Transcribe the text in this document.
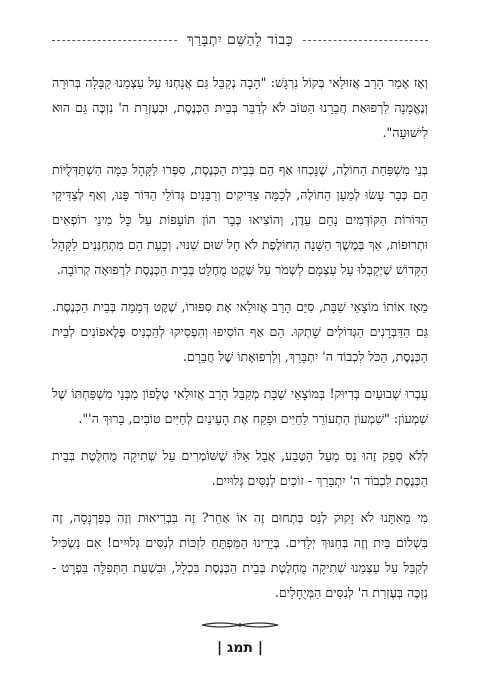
כָּבוֹד לַהַשֵּׁם יִתְבָּרַךְ

וְאָז אָמַר הָרַב אֲזוּלַאי בְּקוֹל נִרְגָּשׁ: "הָבָה נְקַבֵּל גַּם אֲנַחְנוּ עַל עַצְמֵנוּ קַבָּלָה בְּרוּרָה וְנֶאֱמָנָה לִרְפוּאַת חֲבֵרֵנוּ הַטּוֹב לֹא לְדַבֵּר בְּבֵית הַכְּנֶסֶת, וּבְעֶזְרַת ה' נִזְכֶּה גַּם הוּא לִישׁוּעָה".

בְּנֵי מִשְׁפַּחַת הַחוֹלֶה, שֶׁנָּכְחוּ אַף הֵם בְּבֵית הַכְּנֶסֶת, סִפְּרוּ לַקָּהָל כַּמָּה הִשְׁתַּדְּלֻיּוֹת הֵם כְּבָר עָשׂוּ לְמַעַן הַחוֹלֶה, לְכַמָּה צַדִּיקִים וְרַבָּנִים גְּדוֹלֵי הַדּוֹר פָּנוּ, וְאַף לְצַדִּיקֵי הַדּוֹרוֹת הַקּוֹדְמִים נָחַם עֵדֶן, וְהוֹצִיאוּ כְּבָר הוֹן תּוֹעָפוֹת עַל כָּל מִינֵי רוֹפְאִים וּתְרוּפוֹת, אַךְ בְּמֶשֶׁךְ הַשָּׁנָה הַחוֹלֶפֶת לֹא חָל שׁוּם שִׁנּוּי. וְכָעֵת הֵם מִתְחַנְּנִים לַקָּהָל הַקָּדוֹשׁ שֶׁיְּקַבְּלוּ עַל עַצְמָם לִשְׁמֹר עַל שֶׁקֶט מֻחְלָט בְּבֵית הַכְּנֶסֶת לִרְפוּאָה קְרוֹבָה.

מֵאָז אוֹתוֹ מוֹצָאֵי שַׁבָּת, סִיֵּם הָרַב אֲזוּלַאי אֶת סִפּוּרוֹ, שֶׁקֶט דְּמָמָה בְּבֵית הַכְּנֶסֶת. גַּם הַדַּבְּרָנִים הַגְּדוֹלִים שָׁתְקוּ. הֵם אַף הוֹסִיפוּ וְהִפְסִיקוּ לְהַכְנִיס פֶּלֶאפוֹנִים לְבֵית הַכְּנֶסֶת, הַכֹּל לִכְבוֹד ה' יִתְבָּרַךְ, וְלִרְפוּאָתוֹ שֶׁל חֲבֵרָם.

עָבְרוּ שְׁבוּעַיִם בְּדִיּוּק! בְּמוֹצָאֵי שַׁבָּת מְקַבֵּל הָרַב אֲזוּלַאי טֶלֶפוֹן מִבְּנֵי מִשְׁפַּחְתּוֹ שֶׁל שִׁמְעוֹן: "שִׁמְעוֹן הִתְעוֹרֵר לַחַיִּים וּפָקַח אֶת הָעֵינַיִם לְחַיִּים טוֹבִים, בָּרוּךְ ה'".

לְלֹא סָפֵק זֶהוּ נֵס מֵעַל הַטֶּבַע, אֲבָל אֵלּוּ שֶׁשּׁוֹמְרִים עַל שְׁתִיקָה מֻחְלֶטֶת בְּבֵית הַכְּנֶסֶת לִכְבוֹד ה' יִתְבָּרַךְ - זוֹכִים לְנִסִּים גְּלוּיִים.

מִי מֵאִתָּנוּ לֹא זָקוּק לְנֵס בְּתְחוּם זֶה אוֹ אַחֵר? זֶה בִּבְרִיאוּת וְזֶה בְּפַרְנָסָה, זֶה בִּשְׁלוֹם בַּיִת וְזֶה בְּחִנּוּךְ יְלָדִים. בְּיָדֵינוּ הַמַּפְתֵּחַ לִזְכּוֹת לְנִסִּים גְּלוּיִים! אִם נַשְׂכִּיל לְקַבֵּל עַל עַצְמֵנוּ שְׁתִיקָה מֻחְלֶטֶת בְּבֵית הַכְּנֶסֶת בִּכְלָל, וּבִשְׁעַת הַתְּפִלָּה בִּפְרָט - נִזְכֶּה בְּעֶזְרַת ה' לְנִסִּים הַמְּיֻחָלִים.

| תמג |
